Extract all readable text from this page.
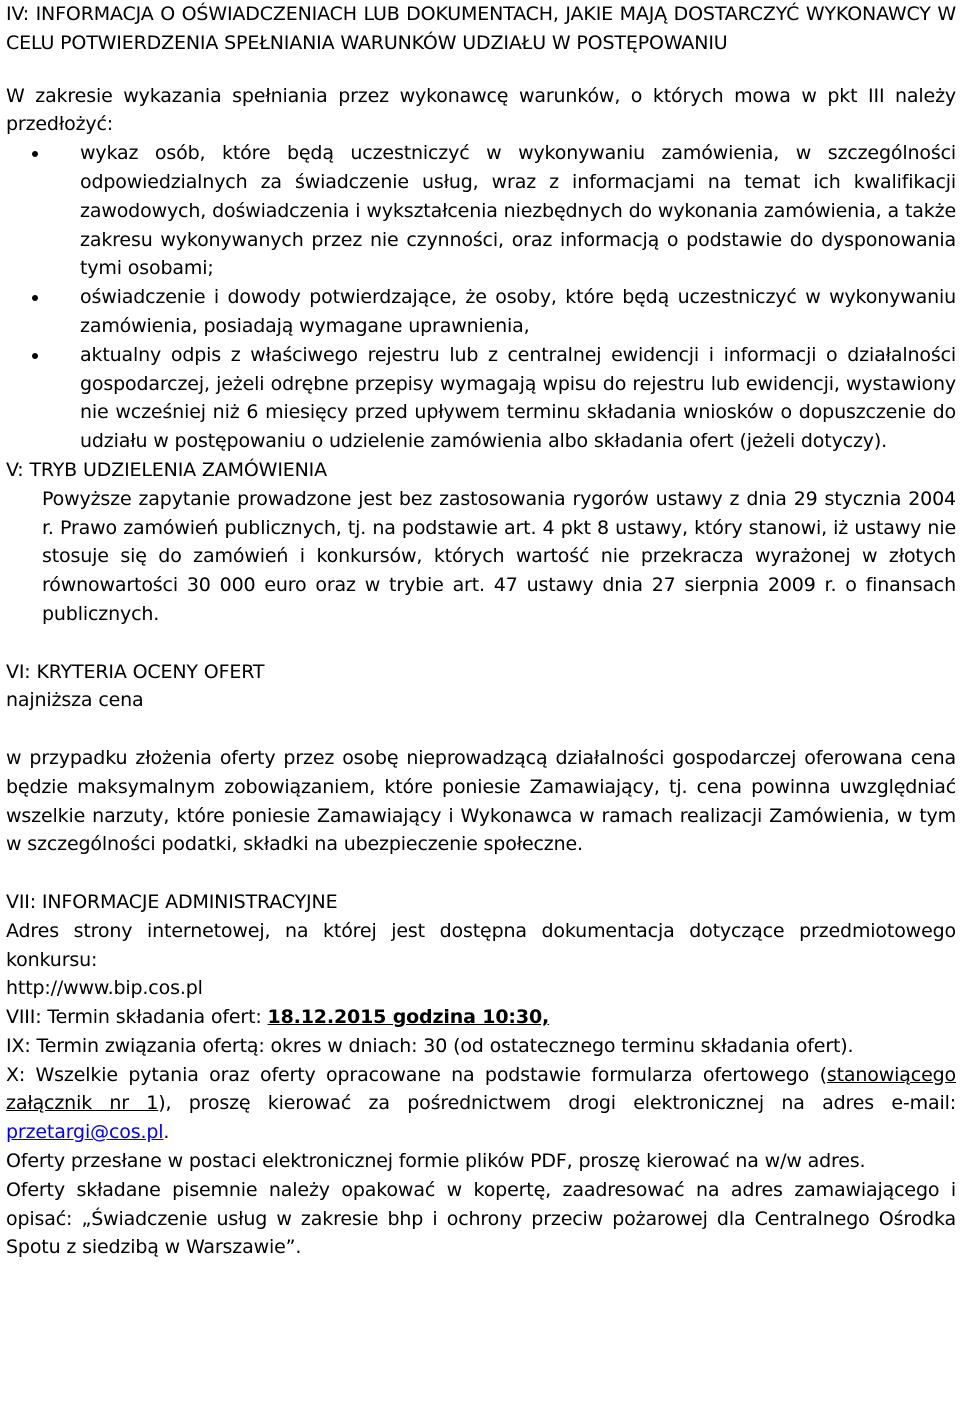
IV: INFORMACJA O OŚWIADCZENIACH LUB DOKUMENTACH, JAKIE MAJĄ DOSTARCZYĆ WYKONAWCY W CELU POTWIERDZENIA SPEŁNIANIA WARUNKÓW UDZIAŁU W POSTĘPOWANIU

W zakresie wykazania spełniania przez wykonawcę warunków, o których mowa w pkt III należy przedłożyć:

wykaz osób, które będą uczestniczyć w wykonywaniu zamówienia, w szczególności odpowiedzialnych za świadczenie usług, wraz z informacjami na temat ich kwalifikacji zawodowych, doświadczenia i wykształcenia niezbędnych do wykonania zamówienia, a także zakresu wykonywanych przez nie czynności, oraz informacją o podstawie do dysponowania tymi osobami;
oświadczenie i dowody potwierdzające, że osoby, które będą uczestniczyć w wykonywaniu zamówienia, posiadają wymagane uprawnienia,
aktualny odpis z właściwego rejestru lub z centralnej ewidencji i informacji o działalności gospodarczej, jeżeli odrębne przepisy wymagają wpisu do rejestru lub ewidencji, wystawiony nie wcześniej niż 6 miesięcy przed upływem terminu składania wniosków o dopuszczenie do udziału w postępowaniu o udzielenie zamówienia albo składania ofert (jeżeli dotyczy).

V: TRYB UDZIELENIA ZAMÓWIENIA

Powyższe zapytanie prowadzone jest bez zastosowania rygorów ustawy z dnia 29 stycznia 2004 r. Prawo zamówień publicznych, tj. na podstawie art. 4 pkt 8 ustawy, który stanowi, iż ustawy nie stosuje się do zamówień i konkursów, których wartość nie przekracza wyrażonej w złotych równowartości 30 000 euro oraz w trybie art. 47 ustawy dnia 27 sierpnia 2009 r. o finansach publicznych.

VI: KRYTERIA OCENY OFERT

najniższa cena

w przypadku złożenia oferty przez osobę nieprowadzącą działalności gospodarczej oferowana cena będzie maksymalnym zobowiązaniem, które poniesie Zamawiający, tj. cena powinna uwzględniać wszelkie narzuty, które poniesie Zamawiający i Wykonawca w ramach realizacji Zamówienia, w tym w szczególności podatki, składki na ubezpieczenie społeczne.

VII: INFORMACJE ADMINISTRACYJNE

Adres strony internetowej, na której jest dostępna dokumentacja dotyczące przedmiotowego konkursu:

http://www.bip.cos.pl

VIII: Termin składania ofert: 18.12.2015 godzina 10:30,

IX: Termin związania ofertą: okres w dniach: 30 (od ostatecznego terminu składania ofert).

X: Wszelkie pytania oraz oferty opracowane na podstawie formularza ofertowego (stanowiącego załącznik nr 1), proszę kierować za pośrednictwem drogi elektronicznej na adres e-mail: przetargi@cos.pl.

Oferty przesłane w postaci elektronicznej formie plików PDF, proszę kierować na w/w adres.

Oferty składane pisemnie należy opakować w kopertę, zaadresować na adres zamawiającego i opisać: „Świadczenie usług w zakresie bhp i ochrony przeciw pożarowej dla Centralnego Ośrodka Spotu z siedzibą w Warszawie”.
